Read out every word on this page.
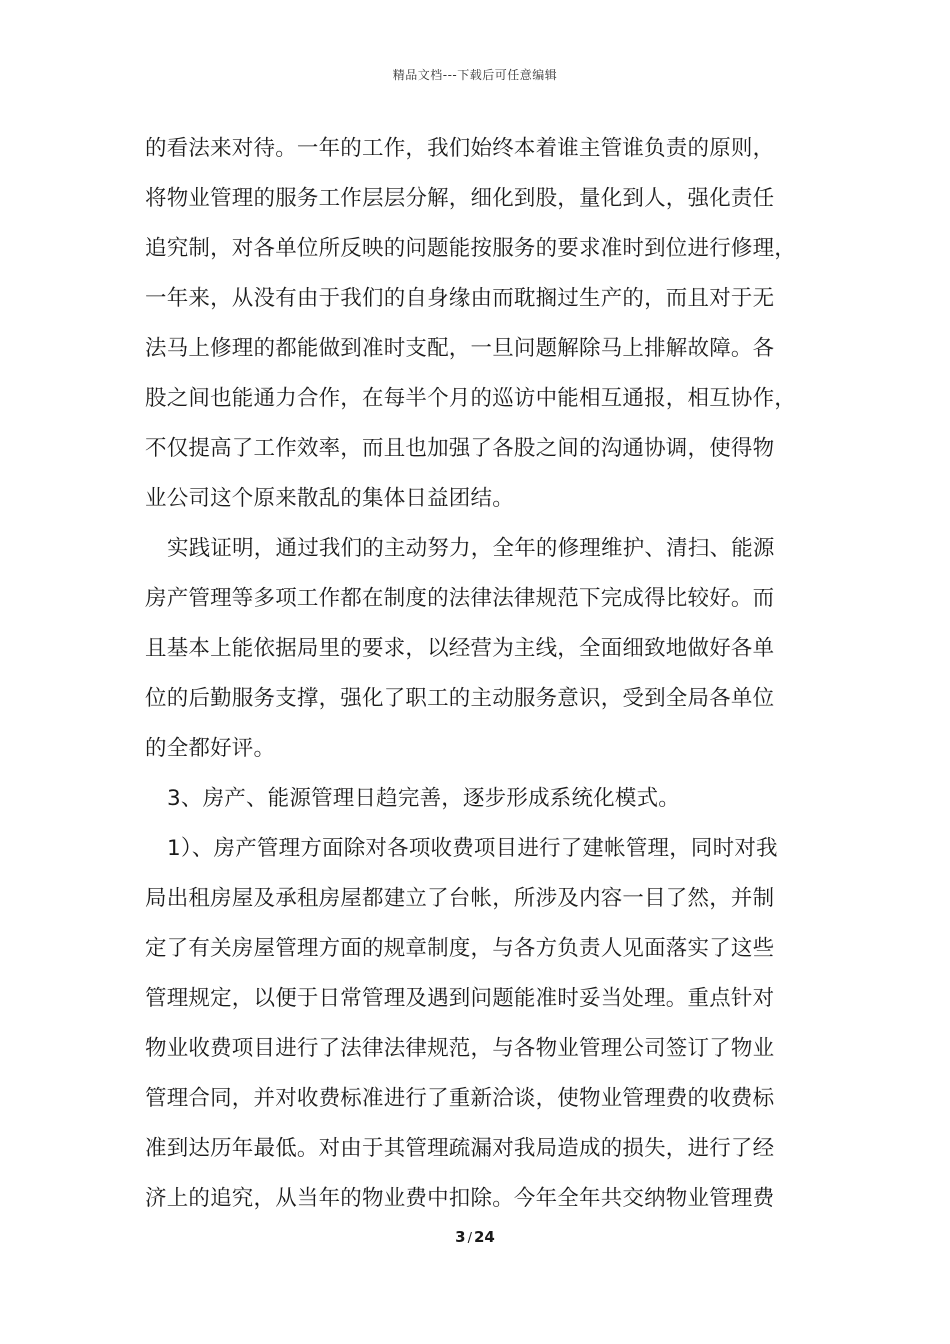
精品文档---下载后可任意编辑
的看法来对待。一年的工作，我们始终本着谁主管谁负责的原则，
将物业管理的服务工作层层分解，细化到股，量化到人，强化责任
追究制，对各单位所反映的问题能按服务的要求准时到位进行修理，
一年来，从没有由于我们的自身缘由而耽搁过生产的，而且对于无
法马上修理的都能做到准时支配，一旦问题解除马上排解故障。各
股之间也能通力合作，在每半个月的巡访中能相互通报，相互协作，
不仅提高了工作效率，而且也加强了各股之间的沟通协调，使得物
业公司这个原来散乱的集体日益团结。
实践证明，通过我们的主动努力，全年的修理维护、清扫、能源
房产管理等多项工作都在制度的法律法律规范下完成得比较好。而
且基本上能依据局里的要求，以经营为主线，全面细致地做好各单
位的后勤服务支撑，强化了职工的主动服务意识，受到全局各单位
的全都好评。
3、房产、能源管理日趋完善，逐步形成系统化模式。
1）、房产管理方面除对各项收费项目进行了建帐管理，同时对我
局出租房屋及承租房屋都建立了台帐，所涉及内容一目了然，并制
定了有关房屋管理方面的规章制度，与各方负责人见面落实了这些
管理规定，以便于日常管理及遇到问题能准时妥当处理。重点针对
物业收费项目进行了法律法律规范，与各物业管理公司签订了物业
管理合同，并对收费标准进行了重新洽谈，使物业管理费的收费标
准到达历年最低。对由于其管理疏漏对我局造成的损失，进行了经
济上的追究，从当年的物业费中扣除。今年全年共交纳物业管理费
3 / 24
